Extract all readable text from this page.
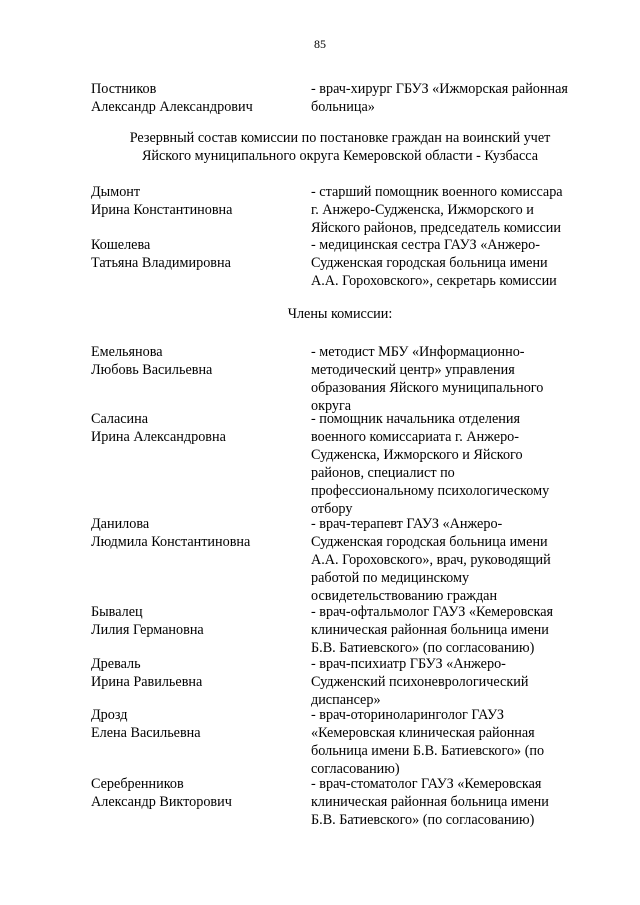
85
Резервный состав комиссии по постановке граждан на воинский учет
Яйского муниципального округа Кемеровской области - Кузбасса
Члены комиссии:
Постников
Александр Александрович
- врач-хирург ГБУЗ «Ижморская районная
больница»
Дымонт
Ирина Константиновна
- старший помощник военного комиссара
г. Анжеро-Судженска, Ижморского и
Яйского районов, председатель комиссии
Кошелева
Татьяна Владимировна
- медицинская сестра ГАУЗ «Анжеро-
Судженская городская больница имени
А.А. Гороховского», секретарь комиссии
Емельянова
Любовь Васильевна
- методист МБУ «Информационно-
методический центр» управления
образования Яйского муниципального
округа
Саласина
Ирина Александровна
- помощник начальника отделения
военного комиссариата г. Анжеро-
Судженска, Ижморского и Яйского
районов, специалист по
профессиональному психологическому
отбору
Данилова
Людмила Константиновна
- врач-терапевт ГАУЗ «Анжеро-
Судженская городская больница имени
А.А. Гороховского», врач, руководящий
работой по медицинскому
освидетельствованию граждан
Бывалец
Лилия Германовна
- врач-офтальмолог ГАУЗ «Кемеровская
клиническая районная больница имени
Б.В. Батиевского» (по согласованию)
Древаль
Ирина Равильевна
- врач-психиатр ГБУЗ «Анжеро-
Судженский психоневрологический
диспансер»
Дрозд
Елена Васильевна
- врач-оториноларинголог ГАУЗ
«Кемеровская клиническая районная
больница имени Б.В. Батиевского» (по
согласованию)
Серебренников
Александр Викторович
- врач-стоматолог ГАУЗ «Кемеровская
клиническая районная больница имени
Б.В. Батиевского» (по согласованию)
